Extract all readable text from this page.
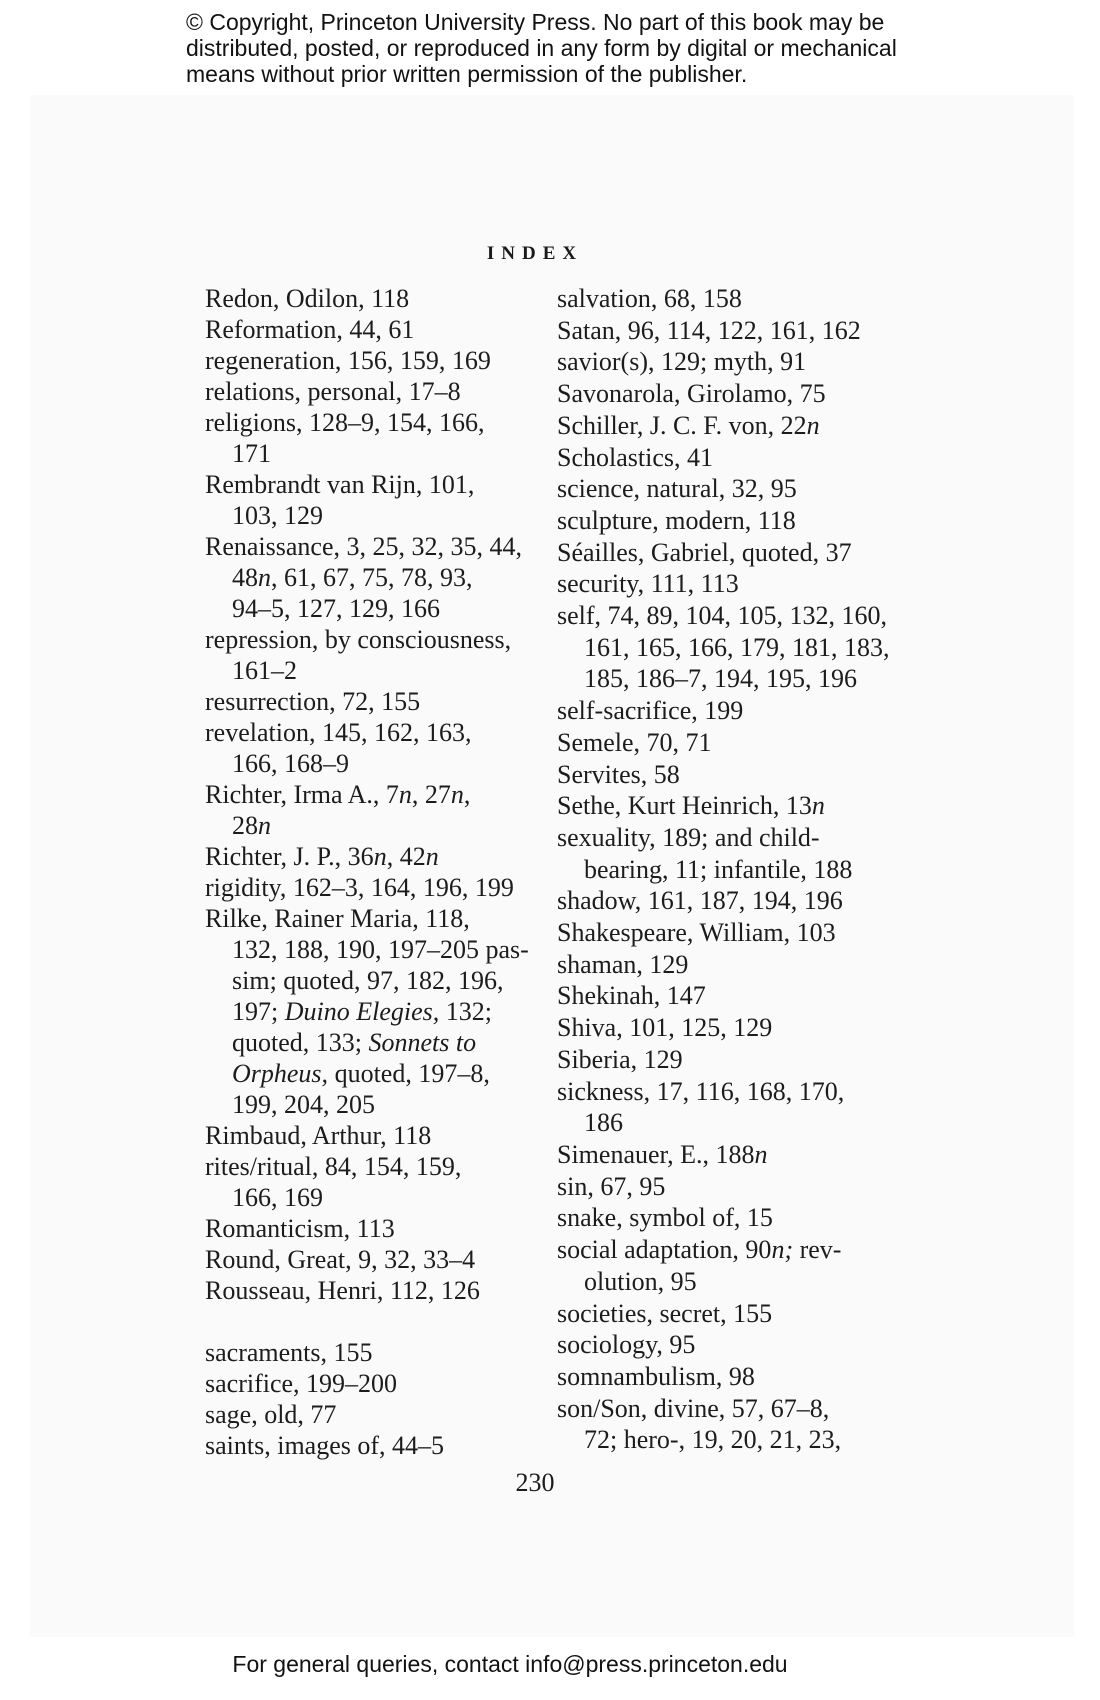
© Copyright, Princeton University Press. No part of this book may be
distributed, posted, or reproduced in any form by digital or mechanical
means without prior written permission of the publisher.
INDEX
Redon, Odilon, 118
Reformation, 44, 61
regeneration, 156, 159, 169
relations, personal, 17–8
religions, 128–9, 154, 166,
171
Rembrandt van Rijn, 101,
103, 129
Renaissance, 3, 25, 32, 35, 44,
48n, 61, 67, 75, 78, 93,
94–5, 127, 129, 166
repression, by consciousness,
161–2
resurrection, 72, 155
revelation, 145, 162, 163,
166, 168–9
Richter, Irma A., 7n, 27n,
28n
Richter, J. P., 36n, 42n
rigidity, 162–3, 164, 196, 199
Rilke, Rainer Maria, 118,
132, 188, 190, 197–205 pas-
sim; quoted, 97, 182, 196,
197; Duino Elegies, 132;
quoted, 133; Sonnets to
Orpheus, quoted, 197–8,
199, 204, 205
Rimbaud, Arthur, 118
rites/ritual, 84, 154, 159,
166, 169
Romanticism, 113
Round, Great, 9, 32, 33–4
Rousseau, Henri, 112, 126
sacraments, 155
sacrifice, 199–200
sage, old, 77
saints, images of, 44–5
salvation, 68, 158
Satan, 96, 114, 122, 161, 162
savior(s), 129; myth, 91
Savonarola, Girolamo, 75
Schiller, J. C. F. von, 22n
Scholastics, 41
science, natural, 32, 95
sculpture, modern, 118
Séailles, Gabriel, quoted, 37
security, 111, 113
self, 74, 89, 104, 105, 132, 160,
161, 165, 166, 179, 181, 183,
185, 186–7, 194, 195, 196
self-sacrifice, 199
Semele, 70, 71
Servites, 58
Sethe, Kurt Heinrich, 13n
sexuality, 189; and child-
bearing, 11; infantile, 188
shadow, 161, 187, 194, 196
Shakespeare, William, 103
shaman, 129
Shekinah, 147
Shiva, 101, 125, 129
Siberia, 129
sickness, 17, 116, 168, 170,
186
Simenauer, E., 188n
sin, 67, 95
snake, symbol of, 15
social adaptation, 90n; rev-
olution, 95
societies, secret, 155
sociology, 95
somnambulism, 98
son/Son, divine, 57, 67–8,
72; hero-, 19, 20, 21, 23,
230
For general queries, contact info@press.princeton.edu
